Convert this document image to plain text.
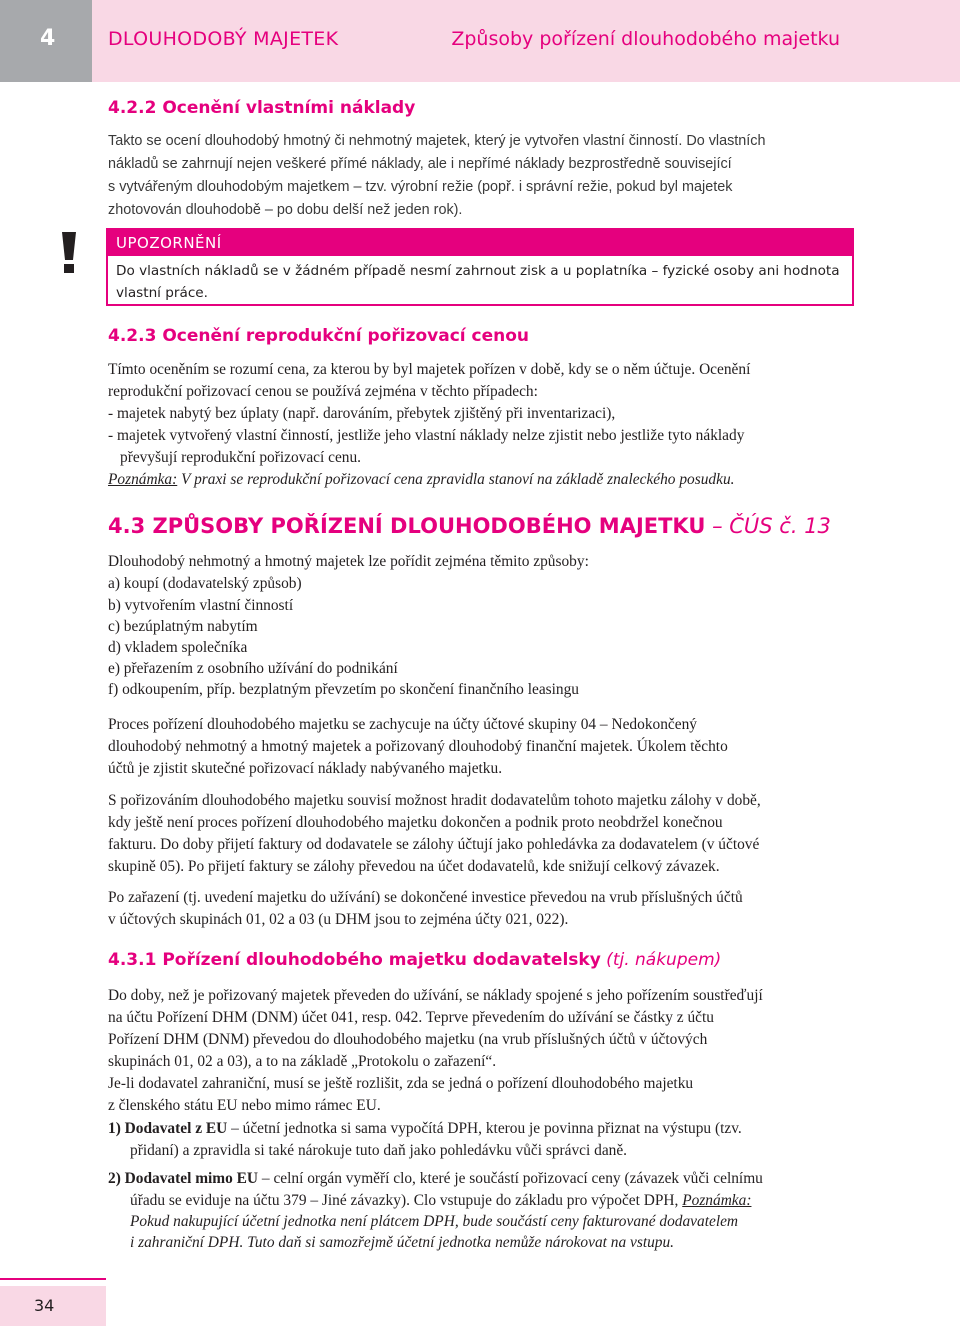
4	DLOUHODOBÝ MAJETEK	Způsoby pořízení dlouhodobého majetku
4.2.2 Ocenění vlastními náklady
Takto se ocení dlouhodobý hmotný či nehmotný majetek, který je vytvořen vlastní činností. Do vlastních
nákladů se zahrnují nejen veškeré přímé náklady, ale i nepřímé náklady bezprostředně související
s vytvářeným dlouhodobým majetkem – tzv. výrobní režie (popř. i správní režie, pokud byl majetek
zhotovován dlouhodobě – po dobu delší než jeden rok).
UPOZORNĚNÍ
Do vlastních nákladů se v žádném případě nesmí zahrnout zisk a u poplatníka – fyzické osoby ani hodnota
vlastní práce.
4.2.3 Ocenění reprodukční pořizovací cenou
Tímto oceněním se rozumí cena, za kterou by byl majetek pořízen v době, kdy se o něm účtuje. Ocenění
reprodukční pořizovací cenou se používá zejména v těchto případech:
- majetek nabytý bez úplaty (např. darováním, přebytek zjištěný při inventarizaci),
- majetek vytvořený vlastní činností, jestliže jeho vlastní náklady nelze zjistit nebo jestliže tyto náklady
převyšují reprodukční pořizovací cenu.
Poznámka: V praxi se reprodukční pořizovací cena zpravidla stanoví na základě znaleckého posudku.
4.3 ZPŮSOBY POŘÍZENÍ DLOUHODOBÉHO MAJETKU – ČÚS č. 13
Dlouhodobý nehmotný a hmotný majetek lze pořídit zejména těmito způsoby:
a) koupí (dodavatelský způsob)
b) vytvořením vlastní činností
c) bezúplatným nabytím
d) vkladem společníka
e) přeřazením z osobního užívání do podnikání
f) odkoupením, příp. bezplatným převzetím po skončení finančního leasingu
Proces pořízení dlouhodobého majetku se zachycuje na účty účtové skupiny 04 – Nedokončený
dlouhodobý nehmotný a hmotný majetek a pořizovaný dlouhodobý finanční majetek. Úkolem těchto
účtů je zjistit skutečné pořizovací náklady nabývaného majetku.
S pořizováním dlouhodobého majetku souvisí možnost hradit dodavatelům tohoto majetku zálohy v době,
kdy ještě není proces pořízení dlouhodobého majetku dokončen a podnik proto neobdržel konečnou
fakturu. Do doby přijetí faktury od dodavatele se zálohy účtují jako pohledávka za dodavatelem (v účtové
skupině 05). Po přijetí faktury se zálohy převedou na účet dodavatelů, kde snižují celkový závazek.
Po zařazení (tj. uvedení majetku do užívání) se dokončené investice převedou na vrub příslušných účtů
v účtových skupinách 01, 02 a 03 (u DHM jsou to zejména účty 021, 022).
4.3.1 Pořízení dlouhodobého majetku dodavatelsky (tj. nákupem)
Do doby, než je pořizovaný majetek převeden do užívání, se náklady spojené s jeho pořízením soustřeďují
na účtu Pořízení DHM (DNM) účet 041, resp. 042. Teprve převedením do užívání se částky z účtu
Pořízení DHM (DNM) převedou do dlouhodobého majetku (na vrub příslušných účtů v účtových
skupinách 01, 02 a 03), a to na základě „Protokolu o zařazení“.
Je-li dodavatel zahraniční, musí se ještě rozlišit, zda se jedná o pořízení dlouhodobého majetku
z členského státu EU nebo mimo rámec EU.
1) Dodavatel z EU – účetní jednotka si sama vypočítá DPH, kterou je povinna přiznat na výstupu (tzv.
přidaní) a zpravidla si také nárokuje tuto daň jako pohledávku vůči správci daně.
2) Dodavatel mimo EU – celní orgán vyměří clo, které je součástí pořizovací ceny (závazek vůči celnímu
úřadu se eviduje na účtu 379 – Jiné závazky). Clo vstupuje do základu pro výpočet DPH, Poznámka:
Pokud nakupující účetní jednotka není plátcem DPH, bude součástí ceny fakturované dodavatelem
i zahraniční DPH. Tuto daň si samozřejmě účetní jednotka nemůže nárokovat na vstupu.
34
